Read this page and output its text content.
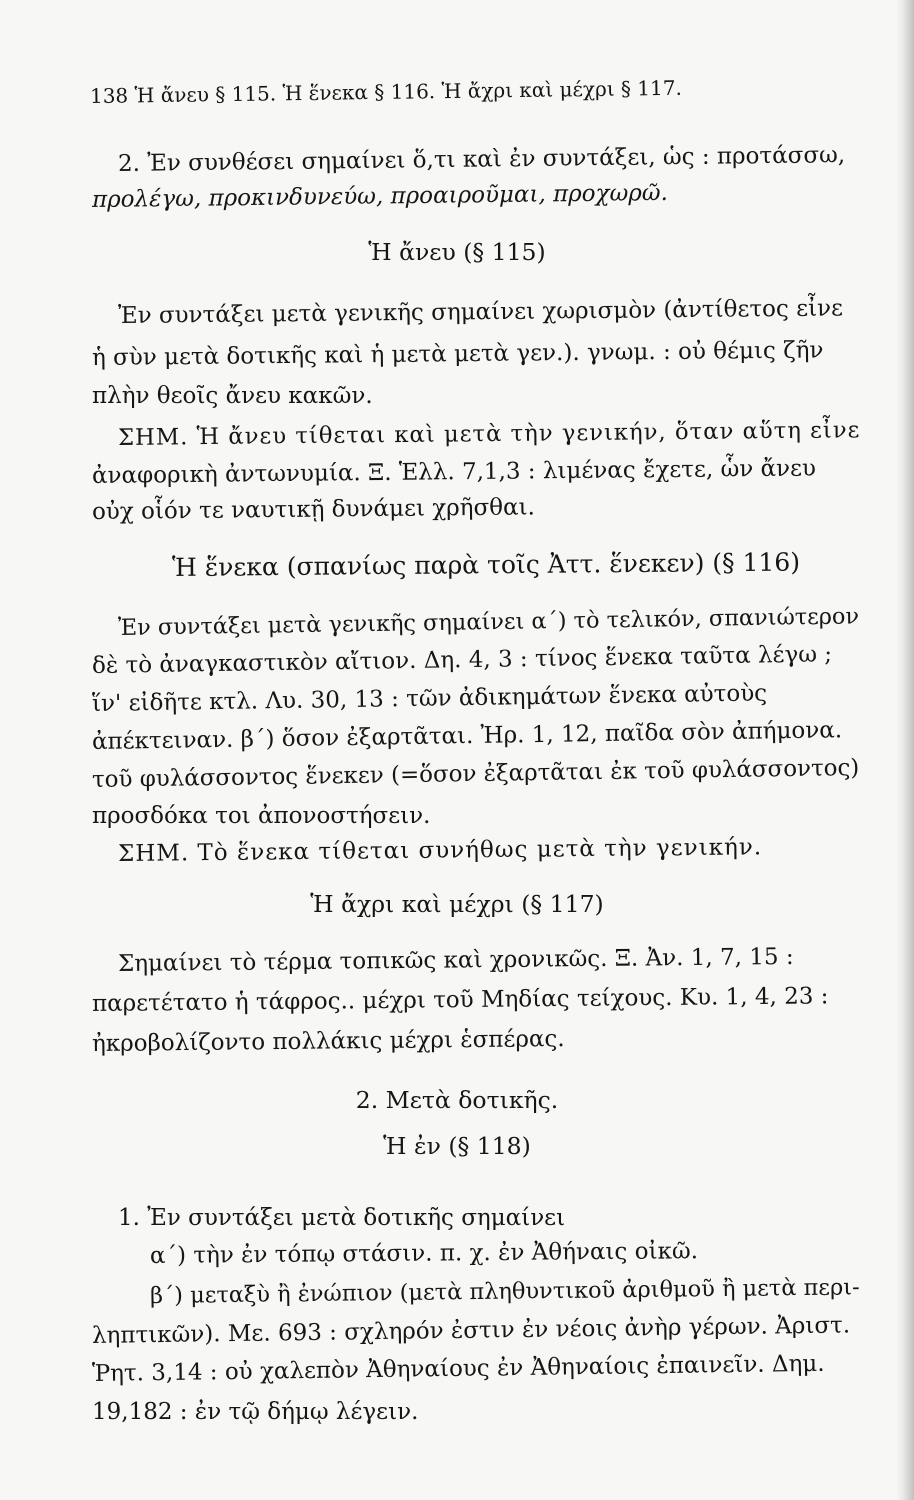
138 Ἡ ἄνευ § 115. Ἡ ἕνεκα § 116. Ἡ ἄχρι καὶ μέχρι § 117.
2. Ἐν συνθέσει σημαίνει ὅ,τι καὶ ἐν συντάξει, ὡς : προτάσσω,
προλέγω, προκινδυνεύω, προαιροῦμαι, προχωρῶ.
Ἡ ἄνευ (§ 115)
Ἐν συντάξει μετὰ γενικῆς σημαίνει χωρισμὸν (ἀντίθετος εἶνε
ἡ σὺν μετὰ δοτικῆς καὶ ἡ μετὰ μετὰ γεν.). γνωμ. : οὐ θέμις ζῆν
πλὴν θεοῖς ἄνευ κακῶν.
ΣΗΜ. Ἡ ἄνευ τίθεται καὶ μετὰ τὴν γενικήν, ὅταν αὕτη εἶνε
ἀναφορικὴ ἀντωνυμία. Ξ. Ἑλλ. 7,1,3 : λιμένας ἔχετε, ὧν ἄνευ
οὐχ οἷόν τε ναυτικῇ δυνάμει χρῆσθαι.
Ἡ ἕνεκα (σπανίως παρὰ τοῖς Ἀττ. ἕνεκεν) (§ 116)
Ἐν συντάξει μετὰ γενικῆς σημαίνει α΄) τὸ τελικόν, σπανιώτερον
δὲ τὸ ἀναγκαστικὸν αἴτιον. Δη. 4, 3 : τίνος ἕνεκα ταῦτα λέγω ;
ἵν' εἰδῆτε κτλ. Λυ. 30, 13 : τῶν ἀδικημάτων ἕνεκα αὐτοὺς
ἀπέκτειναν. β΄) ὅσον ἐξαρτᾶται. Ἠρ. 1, 12, παῖδα σὸν ἀπήμονα.
τοῦ φυλάσσοντος ἕνεκεν (=ὅσον ἐξαρτᾶται ἐκ τοῦ φυλάσσοντος)
προσδόκα τοι ἀπονοστήσειν.
ΣΗΜ. Τὸ ἕνεκα τίθεται συνήθως μετὰ τὴν γενικήν.
Ἡ ἄχρι καὶ μέχρι (§ 117)
Σημαίνει τὸ τέρμα τοπικῶς καὶ χρονικῶς. Ξ. Ἀν. 1, 7, 15 :
παρετέτατο ἡ τάφρος.. μέχρι τοῦ Μηδίας τείχους. Κυ. 1, 4, 23 :
ἠκροβολίζοντο πολλάκις μέχρι ἑσπέρας.
2. Μετὰ δοτικῆς.
Ἡ ἐν (§ 118)
1. Ἐν συντάξει μετὰ δοτικῆς σημαίνει
α΄) τὴν ἐν τόπῳ στάσιν. π. χ. ἐν Ἀθήναις οἰκῶ.
β΄) μεταξὺ ἢ ἐνώπιον (μετὰ πληθυντικοῦ ἀριθμοῦ ἢ μετὰ περι-
ληπτικῶν). Με. 693 : σχληρόν ἐστιν ἐν νέοις ἀνὴρ γέρων. Ἀριστ.
Ῥητ. 3,14 : οὐ χαλεπὸν Ἀθηναίους ἐν Ἀθηναίοις ἐπαινεῖν. Δημ.
19,182 : ἐν τῷ δήμῳ λέγειν.
